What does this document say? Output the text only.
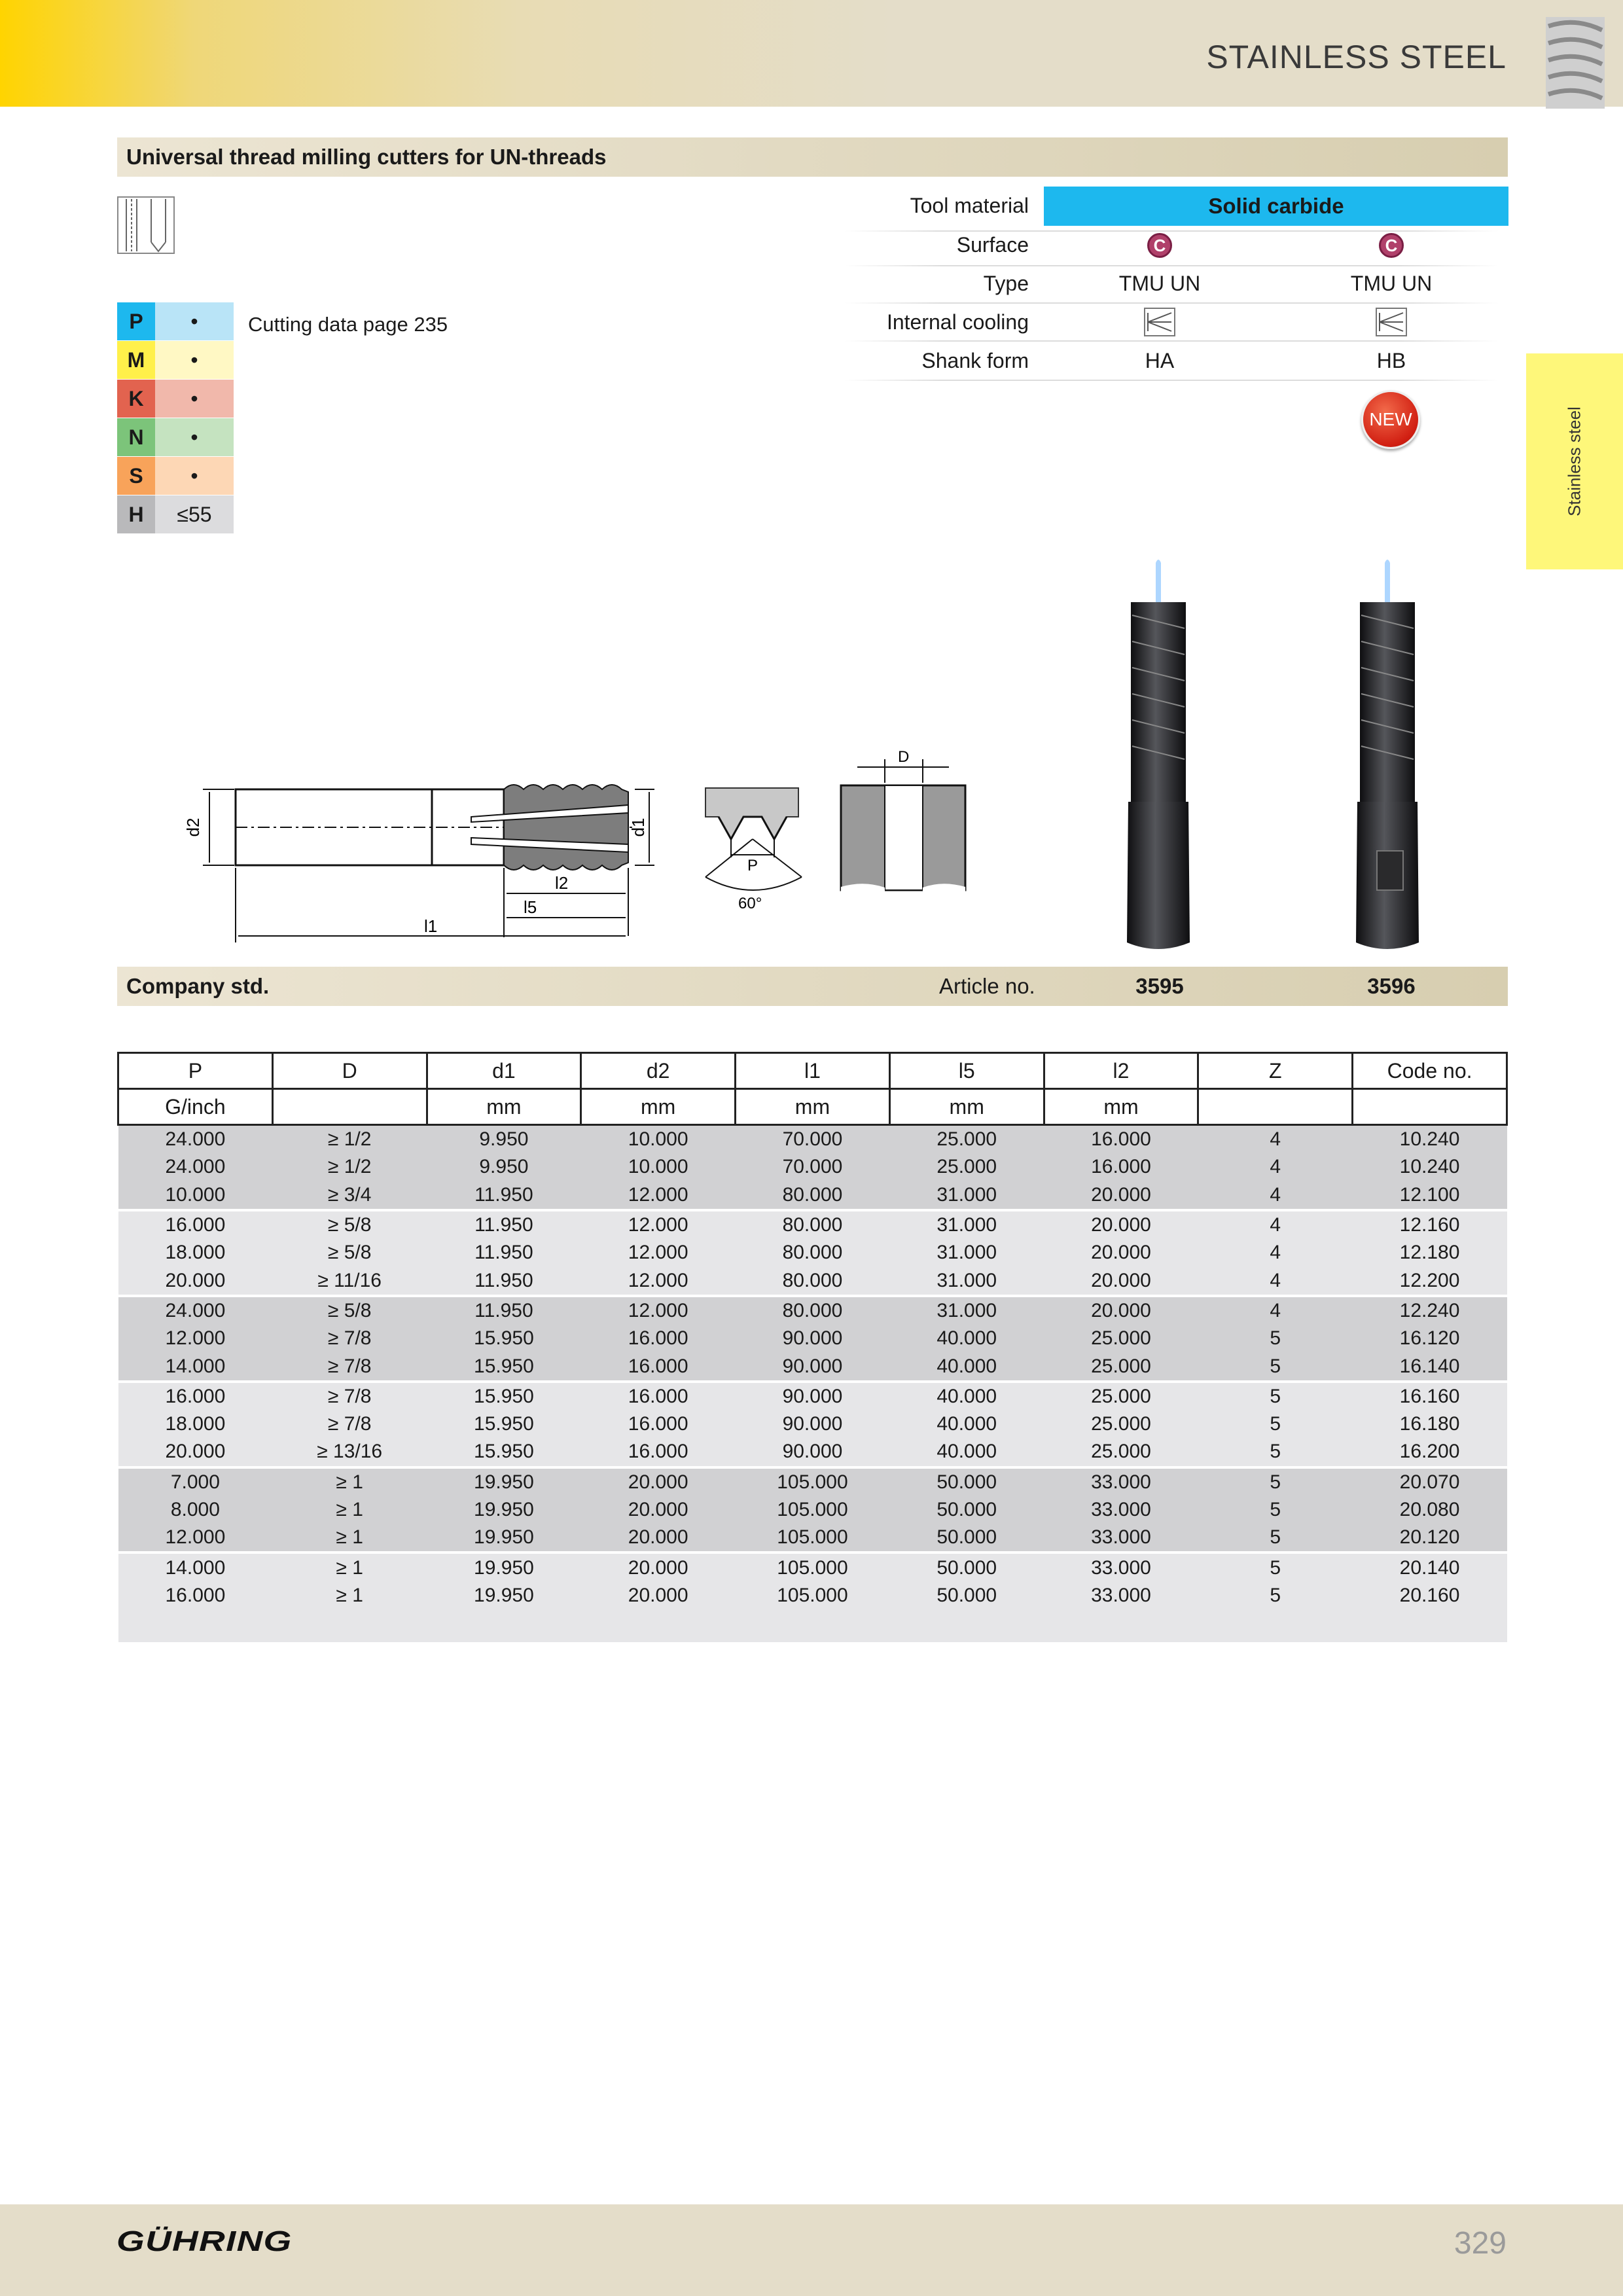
STAINLESS STEEL
Universal thread milling cutters for UN-threads
Stainless steel
P	•
M	•
K	•
N	•
S	•
H	≤55
Cutting data page 235
Solid carbide
Tool material
Surface	C	C
Type	TMU UN	TMU UN
Internal cooling
Shank form	HA	HB
NEW
d2	d1
l2
l5
l1
P
60°
D
Company std.	Article no.	3595	3596
P	D	d1	d2	l1	l5	l2	Z	Code no.
G/inch		mm	mm	mm	mm	mm		
24.000	≥ 1/2	9.950	10.000	70.000	25.000	16.000	4	10.240
24.000	≥ 1/2	9.950	10.000	70.000	25.000	16.000	4	10.240
10.000	≥ 3/4	11.950	12.000	80.000	31.000	20.000	4	12.100
16.000	≥ 5/8	11.950	12.000	80.000	31.000	20.000	4	12.160
18.000	≥ 5/8	11.950	12.000	80.000	31.000	20.000	4	12.180
20.000	≥ 11/16	11.950	12.000	80.000	31.000	20.000	4	12.200
24.000	≥ 5/8	11.950	12.000	80.000	31.000	20.000	4	12.240
12.000	≥ 7/8	15.950	16.000	90.000	40.000	25.000	5	16.120
14.000	≥ 7/8	15.950	16.000	90.000	40.000	25.000	5	16.140
16.000	≥ 7/8	15.950	16.000	90.000	40.000	25.000	5	16.160
18.000	≥ 7/8	15.950	16.000	90.000	40.000	25.000	5	16.180
20.000	≥ 13/16	15.950	16.000	90.000	40.000	25.000	5	16.200
7.000	≥ 1	19.950	20.000	105.000	50.000	33.000	5	20.070
8.000	≥ 1	19.950	20.000	105.000	50.000	33.000	5	20.080
12.000	≥ 1	19.950	20.000	105.000	50.000	33.000	5	20.120
14.000	≥ 1	19.950	20.000	105.000	50.000	33.000	5	20.140
16.000	≥ 1	19.950	20.000	105.000	50.000	33.000	5	20.160

GÜHRING	329
